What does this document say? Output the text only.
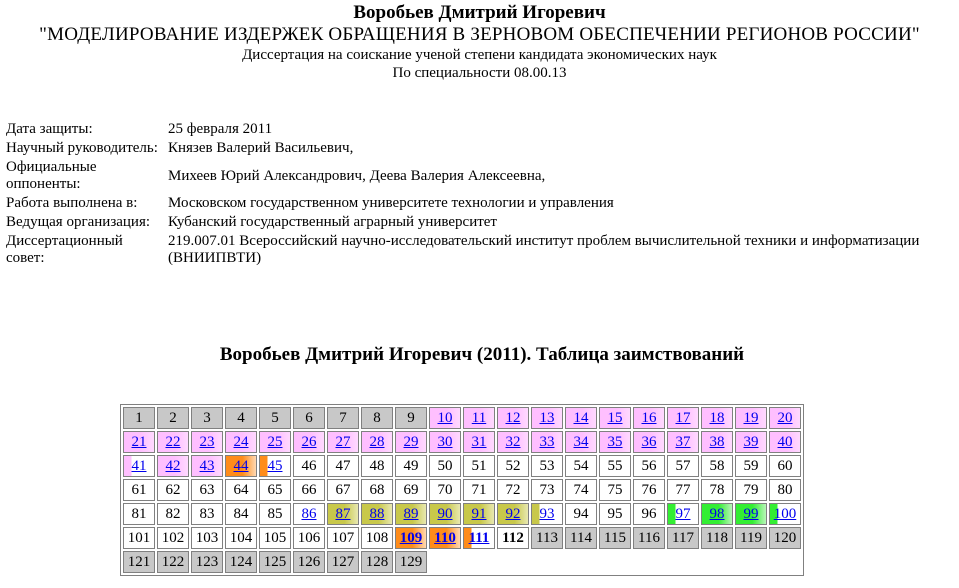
Воробьев Дмитрий Игоревич
"МОДЕЛИРОВАНИЕ ИЗДЕРЖЕК ОБРАЩЕНИЯ В ЗЕРНОВОМ ОБЕСПЕЧЕНИИ РЕГИОНОВ РОССИИ"
Диссертация на соискание ученой степени кандидата экономических наук
По специальности 08.00.13
Дата защиты:	25 февраля 2011
Научный руководитель:	Князев Валерий Васильевич,
Официальные оппоненты:	Михеев Юрий Александрович, Деева Валерия Алексеевна,
Работа выполнена в:	Московском государственном университете технологии и управления
Ведущая организация:	Кубанский государственный аграрный университет
Диссертационный совет:	219.007.01 Всероссийский научно-исследовательский институт проблем вычислительной техники и информатизации (ВНИИПВТИ)
Воробьев Дмитрий Игоревич (2011). Таблица заимствований
1	2	3	4	5	6	7	8	9	10	11	12	13	14	15	16	17	18	19	20
21	22	23	24	25	26	27	28	29	30	31	32	33	34	35	36	37	38	39	40
41	42	43	44	45	46	47	48	49	50	51	52	53	54	55	56	57	58	59	60
61	62	63	64	65	66	67	68	69	70	71	72	73	74	75	76	77	78	79	80
81	82	83	84	85	86	87	88	89	90	91	92	93	94	95	96	97	98	99	100
101	102	103	104	105	106	107	108	109	110	111	112	113	114	115	116	117	118	119	120
121	122	123	124	125	126	127	128	129											
